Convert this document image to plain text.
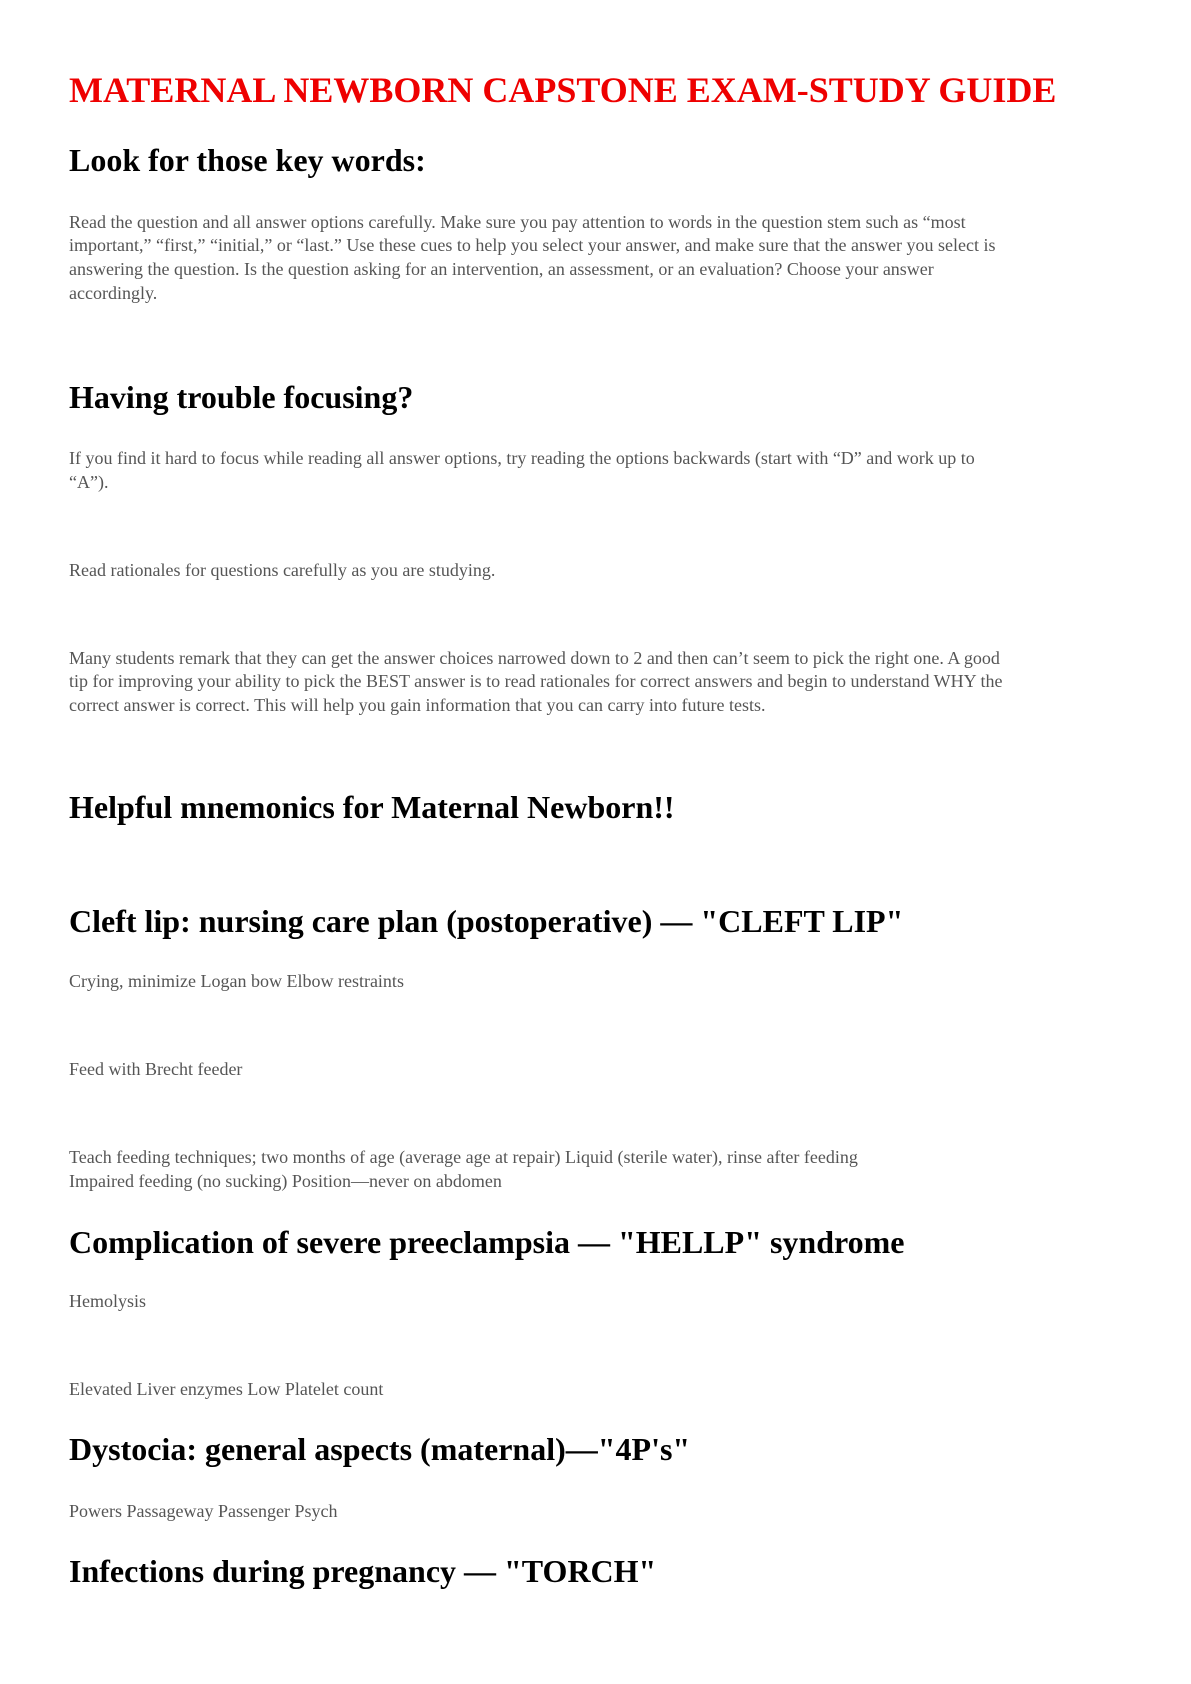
MATERNAL NEWBORN CAPSTONE EXAM-STUDY GUIDE
Look for those key words:

Read the question and all answer options carefully. Make sure you pay attention to words in the question stem such as “most

important,” “first,” “initial,” or “last.” Use these cues to help you select your answer, and make sure that the answer you select is

answering the question. Is the question asking for an intervention, an assessment, or an evaluation? Choose your answer

accordingly.

Having trouble focusing?

If you find it hard to focus while reading all answer options, try reading the options backwards (start with “D” and work up to

“A”).

Read rationales for questions carefully as you are studying.

Many students remark that they can get the answer choices narrowed down to 2 and then can’t seem to pick the right one. A good

tip for improving your ability to pick the BEST answer is to read rationales for correct answers and begin to understand WHY the

correct answer is correct. This will help you gain information that you can carry into future tests.

Helpful mnemonics for Maternal Newborn!!
Cleft lip: nursing care plan (postoperative) — "CLEFT LIP"

Crying, minimize Logan bow Elbow restraints

Feed with Brecht feeder

Teach feeding techniques; two months of age (average age at repair) Liquid (sterile water), rinse after feeding

Impaired feeding (no sucking) Position—never on abdomen

Complication of severe preeclampsia — "HELLP" syndrome

Hemolysis

Elevated Liver enzymes Low Platelet count

Dystocia: general aspects (maternal)—"4P's"

Powers Passageway Passenger Psych

Infections during pregnancy — "TORCH"
